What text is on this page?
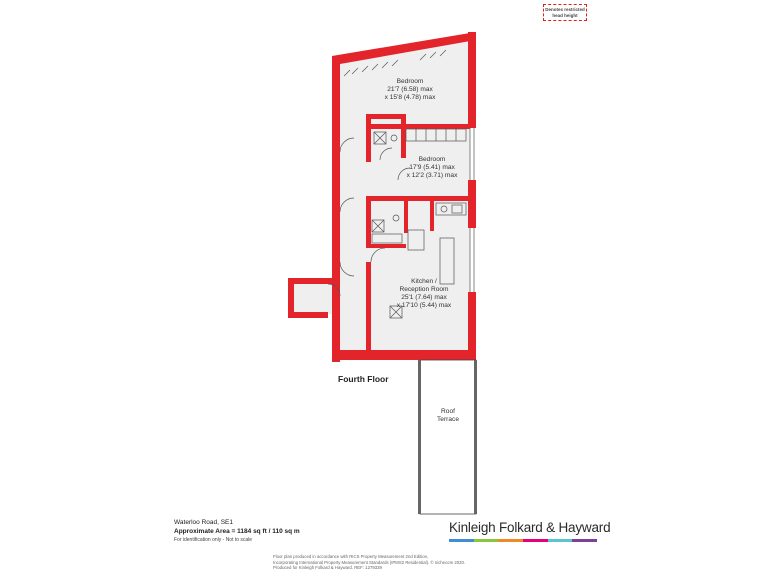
Denotes restricted head height
Bedroom
21'7 (6.58) max
x 15'8 (4.78) max
Bedroom
17'9 (5.41) max
x 12'2 (3.71) max
Kitchen /
Reception Room
25'1 (7.64) max
x 17'10 (5.44) max
Roof
Terrace
Fourth Floor
Waterloo Road, SE1
Approximate Area = 1184 sq ft / 110 sq m
For identification only - Not to scale
Kinleigh Folkard & Hayward
Floor plan produced in accordance with RICS Property Measurement 2nd Edition,
Incorporating International Property Measurement Standards (IPMS2 Residential). © nichecom 2020.
Produced for Kinleigh Folkard & Hayward. REF: 1279339
